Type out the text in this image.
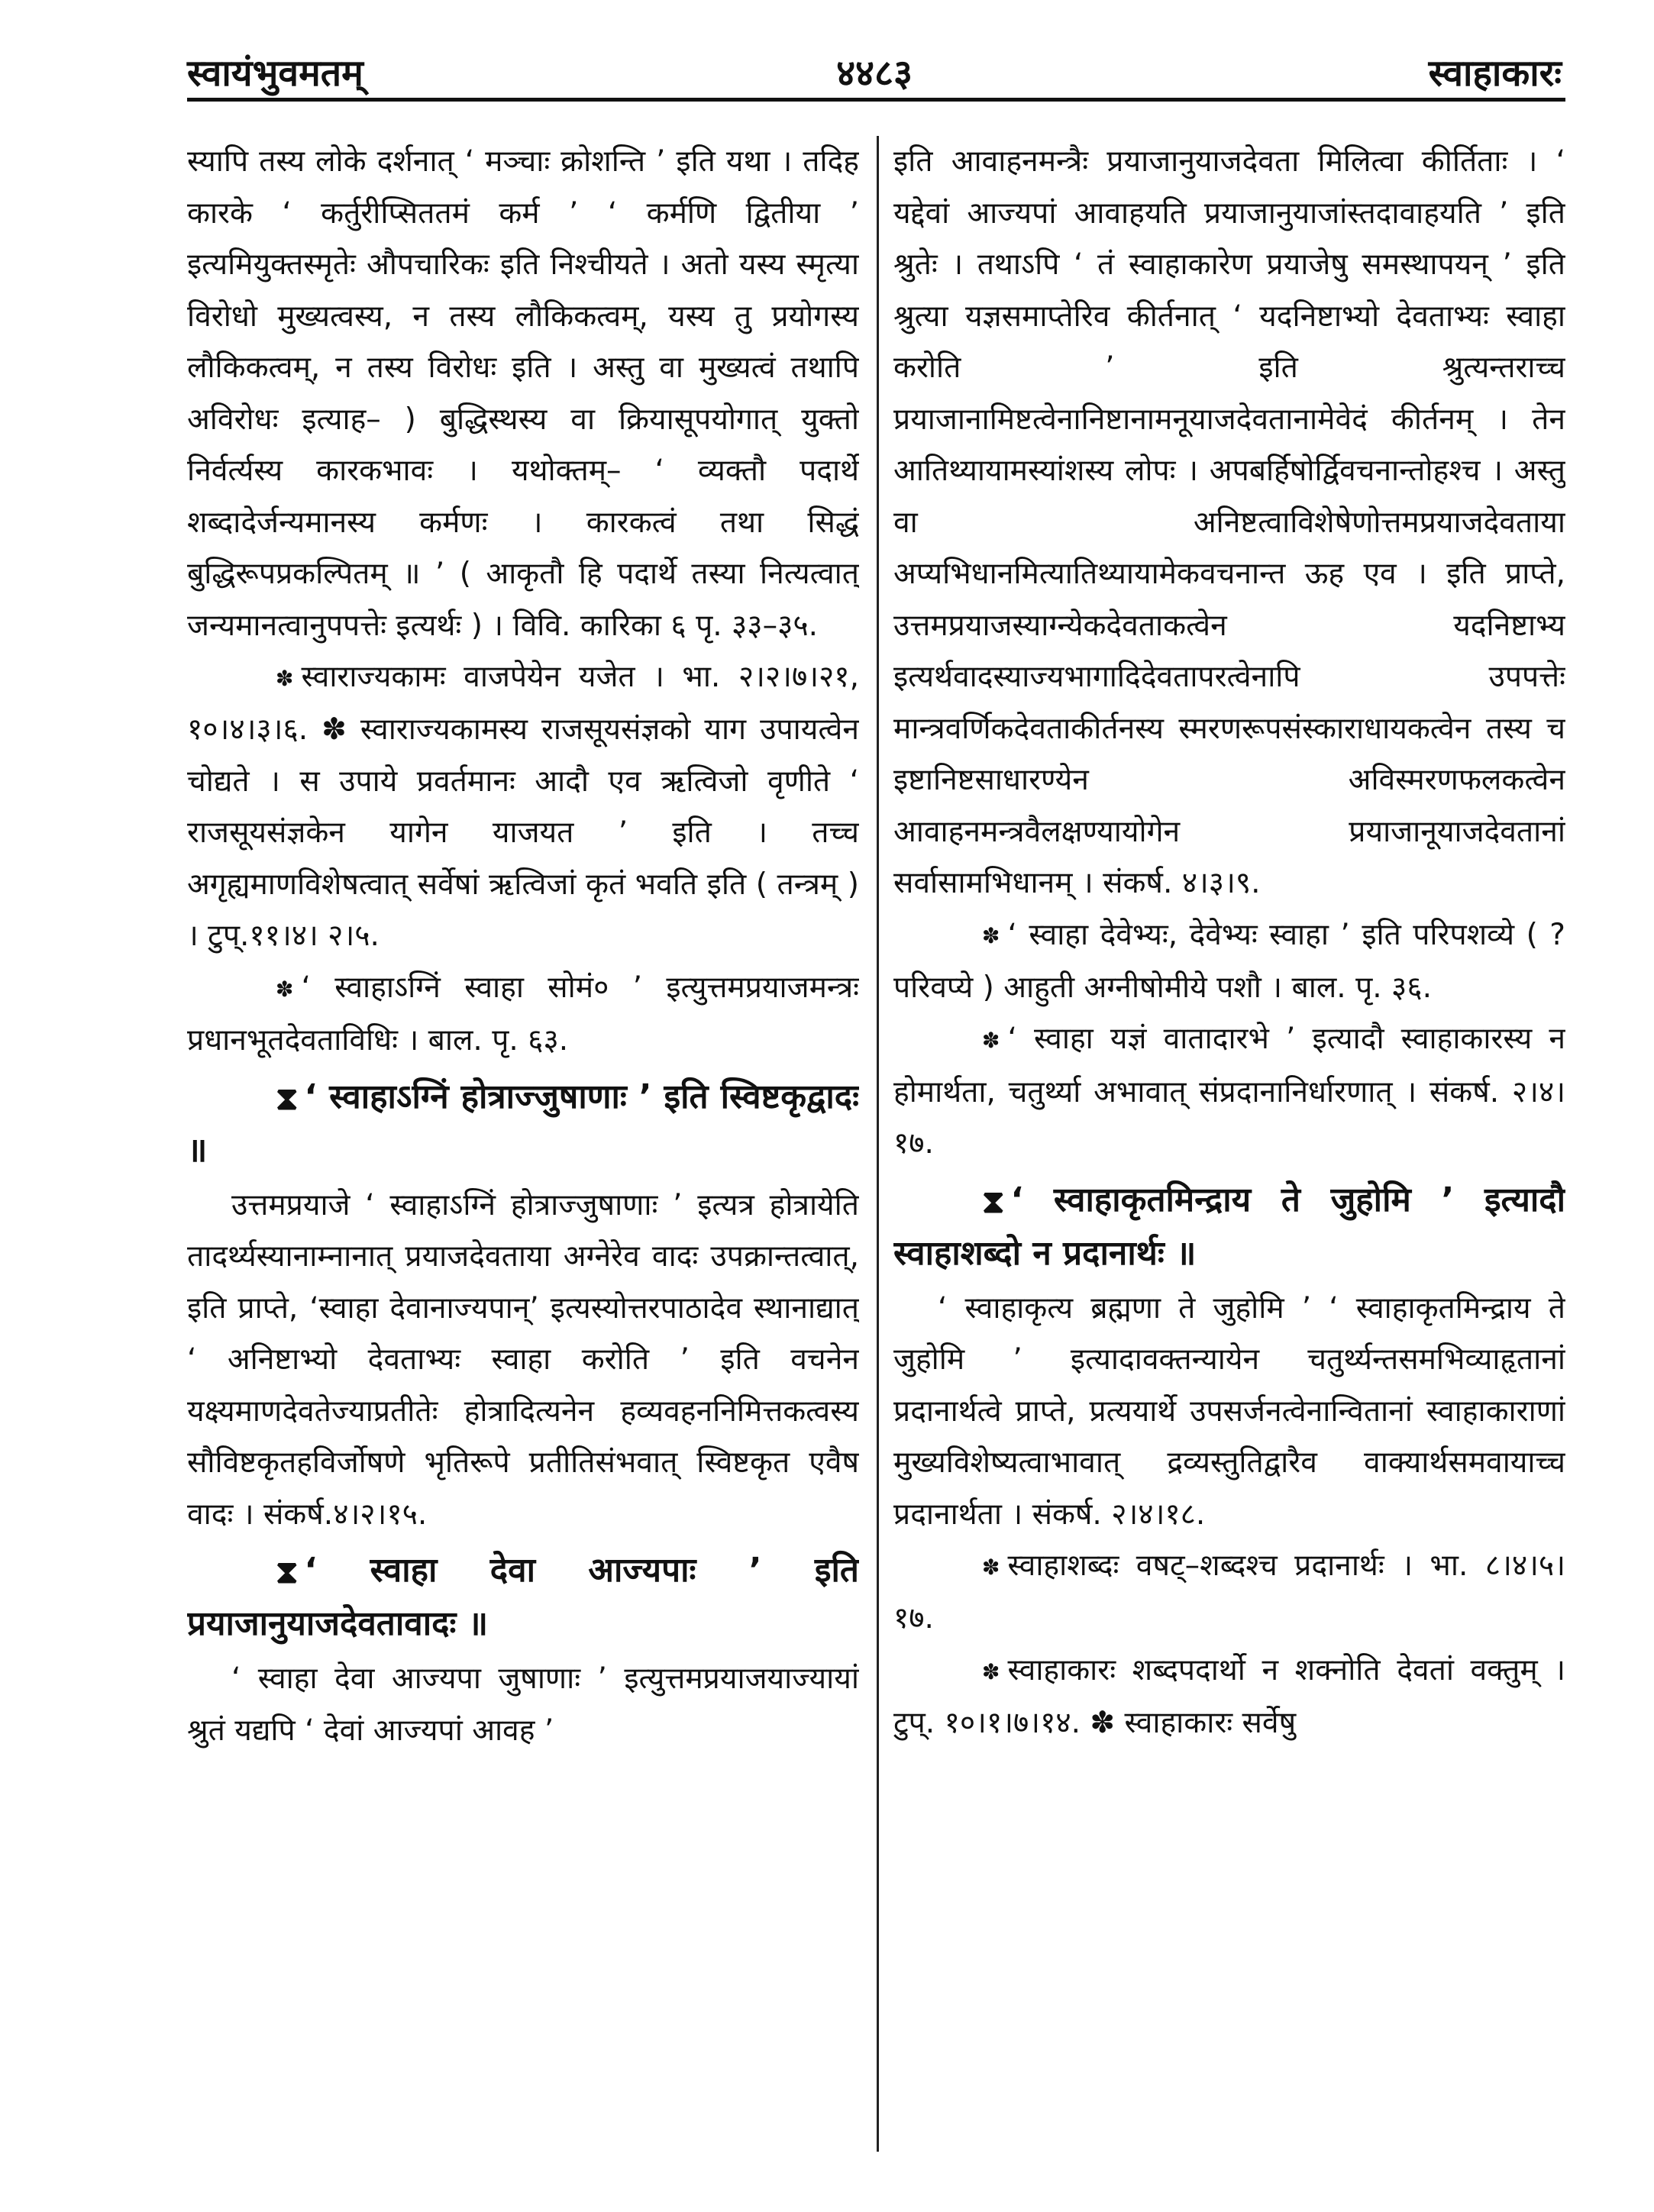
स्वायंभुवमतम्	४४८३	स्वाहाकारः

स्यापि तस्य लोके दर्शनात् ‘ मञ्चाः क्रोशन्ति ’ इति यथा । तदिह कारके ‘ कर्तुरीप्सिततमं कर्म ’ ‘ कर्मणि द्वितीया ’ इत्यमियुक्तस्मृतेः औपचारिकः इति निश्चीयते । अतो यस्य स्मृत्या विरोधो मुख्यत्वस्य, न तस्य लौकिकत्वम्, यस्य तु प्रयोगस्य लौकिकत्वम्, न तस्य विरोधः इति । अस्तु वा मुख्यत्वं तथापि अविरोधः इत्याह– ) बुद्धिस्थस्य वा क्रियासूपयोगात् युक्तो निर्वर्त्यस्य कारकभावः । यथोक्तम्– ‘ व्यक्तौ पदार्थे शब्दादेर्जन्यमानस्य कर्मणः । कारकत्वं तथा सिद्धं बुद्धिरूपप्रकल्पितम् ॥ ’ ( आकृतौ हि पदार्थे तस्या नित्यत्वात् जन्यमानत्वानुपपत्तेः इत्यर्थः ) । विवि. कारिका ६ पृ. ३३–३५.

✽ स्वाराज्यकामः वाजपेयेन यजेत । भा. २।२।७।२१, १०।४।३।६. ✽ स्वाराज्यकामस्य राजसूयसंज्ञको याग उपायत्वेन चोद्यते । स उपाये प्रवर्तमानः आदौ एव ऋत्विजो वृणीते ‘ राजसूयसंज्ञकेन यागेन याजयत ’ इति । तच्च अगृह्यमाणविशेषत्वात् सर्वेषां ऋत्विजां कृतं भवति इति ( तन्त्रम् ) । टुप्.११।४। २।५.

✽ ‘ स्वाहाऽग्निं स्वाहा सोमं० ’ इत्युत्तमप्रयाजमन्त्रः प्रधानभूतदेवताविधिः । बाल. पृ. ६३.

⧗ ‘ स्वाहाऽग्निं होत्राज्जुषाणाः ’ इति स्विष्टकृद्वादः ॥

उत्तमप्रयाजे ‘ स्वाहाऽग्निं होत्राज्जुषाणाः ’ इत्यत्र होत्रायेति तादर्थ्यस्यानाम्नानात् प्रयाजदेवताया अग्नेरेव वादः उपक्रान्तत्वात्, इति प्राप्ते, ‘स्वाहा देवानाज्यपान्’ इत्यस्योत्तरपाठादेव स्थानाद्यात् ‘ अनिष्टाभ्यो देवताभ्यः स्वाहा करोति ’ इति वचनेन यक्ष्यमाणदेवतेज्याप्रतीतेः होत्रादित्यनेन हव्यवहननिमित्तकत्वस्य सौविष्टकृतहविर्जोषणे भृतिरूपे प्रतीतिसंभवात् स्विष्टकृत एवैष वादः । संकर्ष.४।२।१५.

⧗ ‘ स्वाहा देवा आज्यपाः ’ इति प्रयाजानुयाजदेवतावादः ॥

‘ स्वाहा देवा आज्यपा जुषाणाः ’ इत्युत्तमप्रयाजयाज्यायां श्रुतं यद्यपि ‘ देवां आज्यपां आवह ’

इति आवाहनमन्त्रैः प्रयाजानुयाजदेवता मिलित्वा कीर्तिताः । ‘ यद्देवां आज्यपां आवाहयति प्रयाजानुयाजांस्तदावाहयति ’ इति श्रुतेः । तथाऽपि ‘ तं स्वाहाकारेण प्रयाजेषु समस्थापयन् ’ इति श्रुत्या यज्ञसमाप्तेरिव कीर्तनात् ‘ यदनिष्टाभ्यो देवताभ्यः स्वाहा करोति ’ इति श्रुत्यन्तराच्च प्रयाजानामिष्टत्वेनानिष्टानामनूयाजदेवतानामेवेदं कीर्तनम् । तेन आतिथ्यायामस्यांशस्य लोपः । अपबर्हिषोर्द्विवचनान्तोहश्च । अस्तु वा अनिष्टत्वाविशेषेणोत्तमप्रयाजदेवताया अप्यभिधानमित्यातिथ्यायामेकवचनान्त ऊह एव । इति प्राप्ते, उत्तमप्रयाजस्याग्न्येकदेवताकत्वेन यदनिष्टाभ्य इत्यर्थवादस्याज्यभागादिदेवतापरत्वेनापि उपपत्तेः मान्त्रवर्णिकदेवताकीर्तनस्य स्मरणरूपसंस्काराधायकत्वेन तस्य च इष्टानिष्टसाधारण्येन अविस्मरणफलकत्वेन आवाहनमन्त्रवैलक्षण्यायोगेन प्रयाजानूयाजदेवतानां सर्वासामभिधानम् । संकर्ष. ४।३।९.

✽ ‘ स्वाहा देवेभ्यः, देवेभ्यः स्वाहा ’ इति परिपशव्ये ( ? परिवप्ये ) आहुती अग्नीषोमीये पशौ । बाल. पृ. ३६.

✽ ‘ स्वाहा यज्ञं वातादारभे ’ इत्यादौ स्वाहाकारस्य न होमार्थता, चतुर्थ्या अभावात् संप्रदानानिर्धारणात् । संकर्ष. २।४।१७.

⧗ ‘ स्वाहाकृतमिन्द्राय ते जुहोमि ’ इत्यादौ स्वाहाशब्दो न प्रदानार्थः ॥

‘ स्वाहाकृत्य ब्रह्मणा ते जुहोमि ’ ‘ स्वाहाकृतमिन्द्राय ते जुहोमि ’ इत्यादावक्तन्यायेन चतुर्थ्यन्तसमभिव्याहृतानां प्रदानार्थत्वे प्राप्ते, प्रत्ययार्थे उपसर्जनत्वेनान्वितानां स्वाहाकाराणां मुख्यविशेष्यत्वाभावात् द्रव्यस्तुतिद्वारैव वाक्यार्थसमवायाच्च प्रदानार्थता । संकर्ष. २।४।१८.

✽ स्वाहाशब्दः वषट्–शब्दश्च प्रदानार्थः । भा. ८।४।५।१७.

✽ स्वाहाकारः शब्दपदार्थो न शक्नोति देवतां वक्तुम् । टुप्. १०।१।७।१४. ✽ स्वाहाकारः सर्वेषु
